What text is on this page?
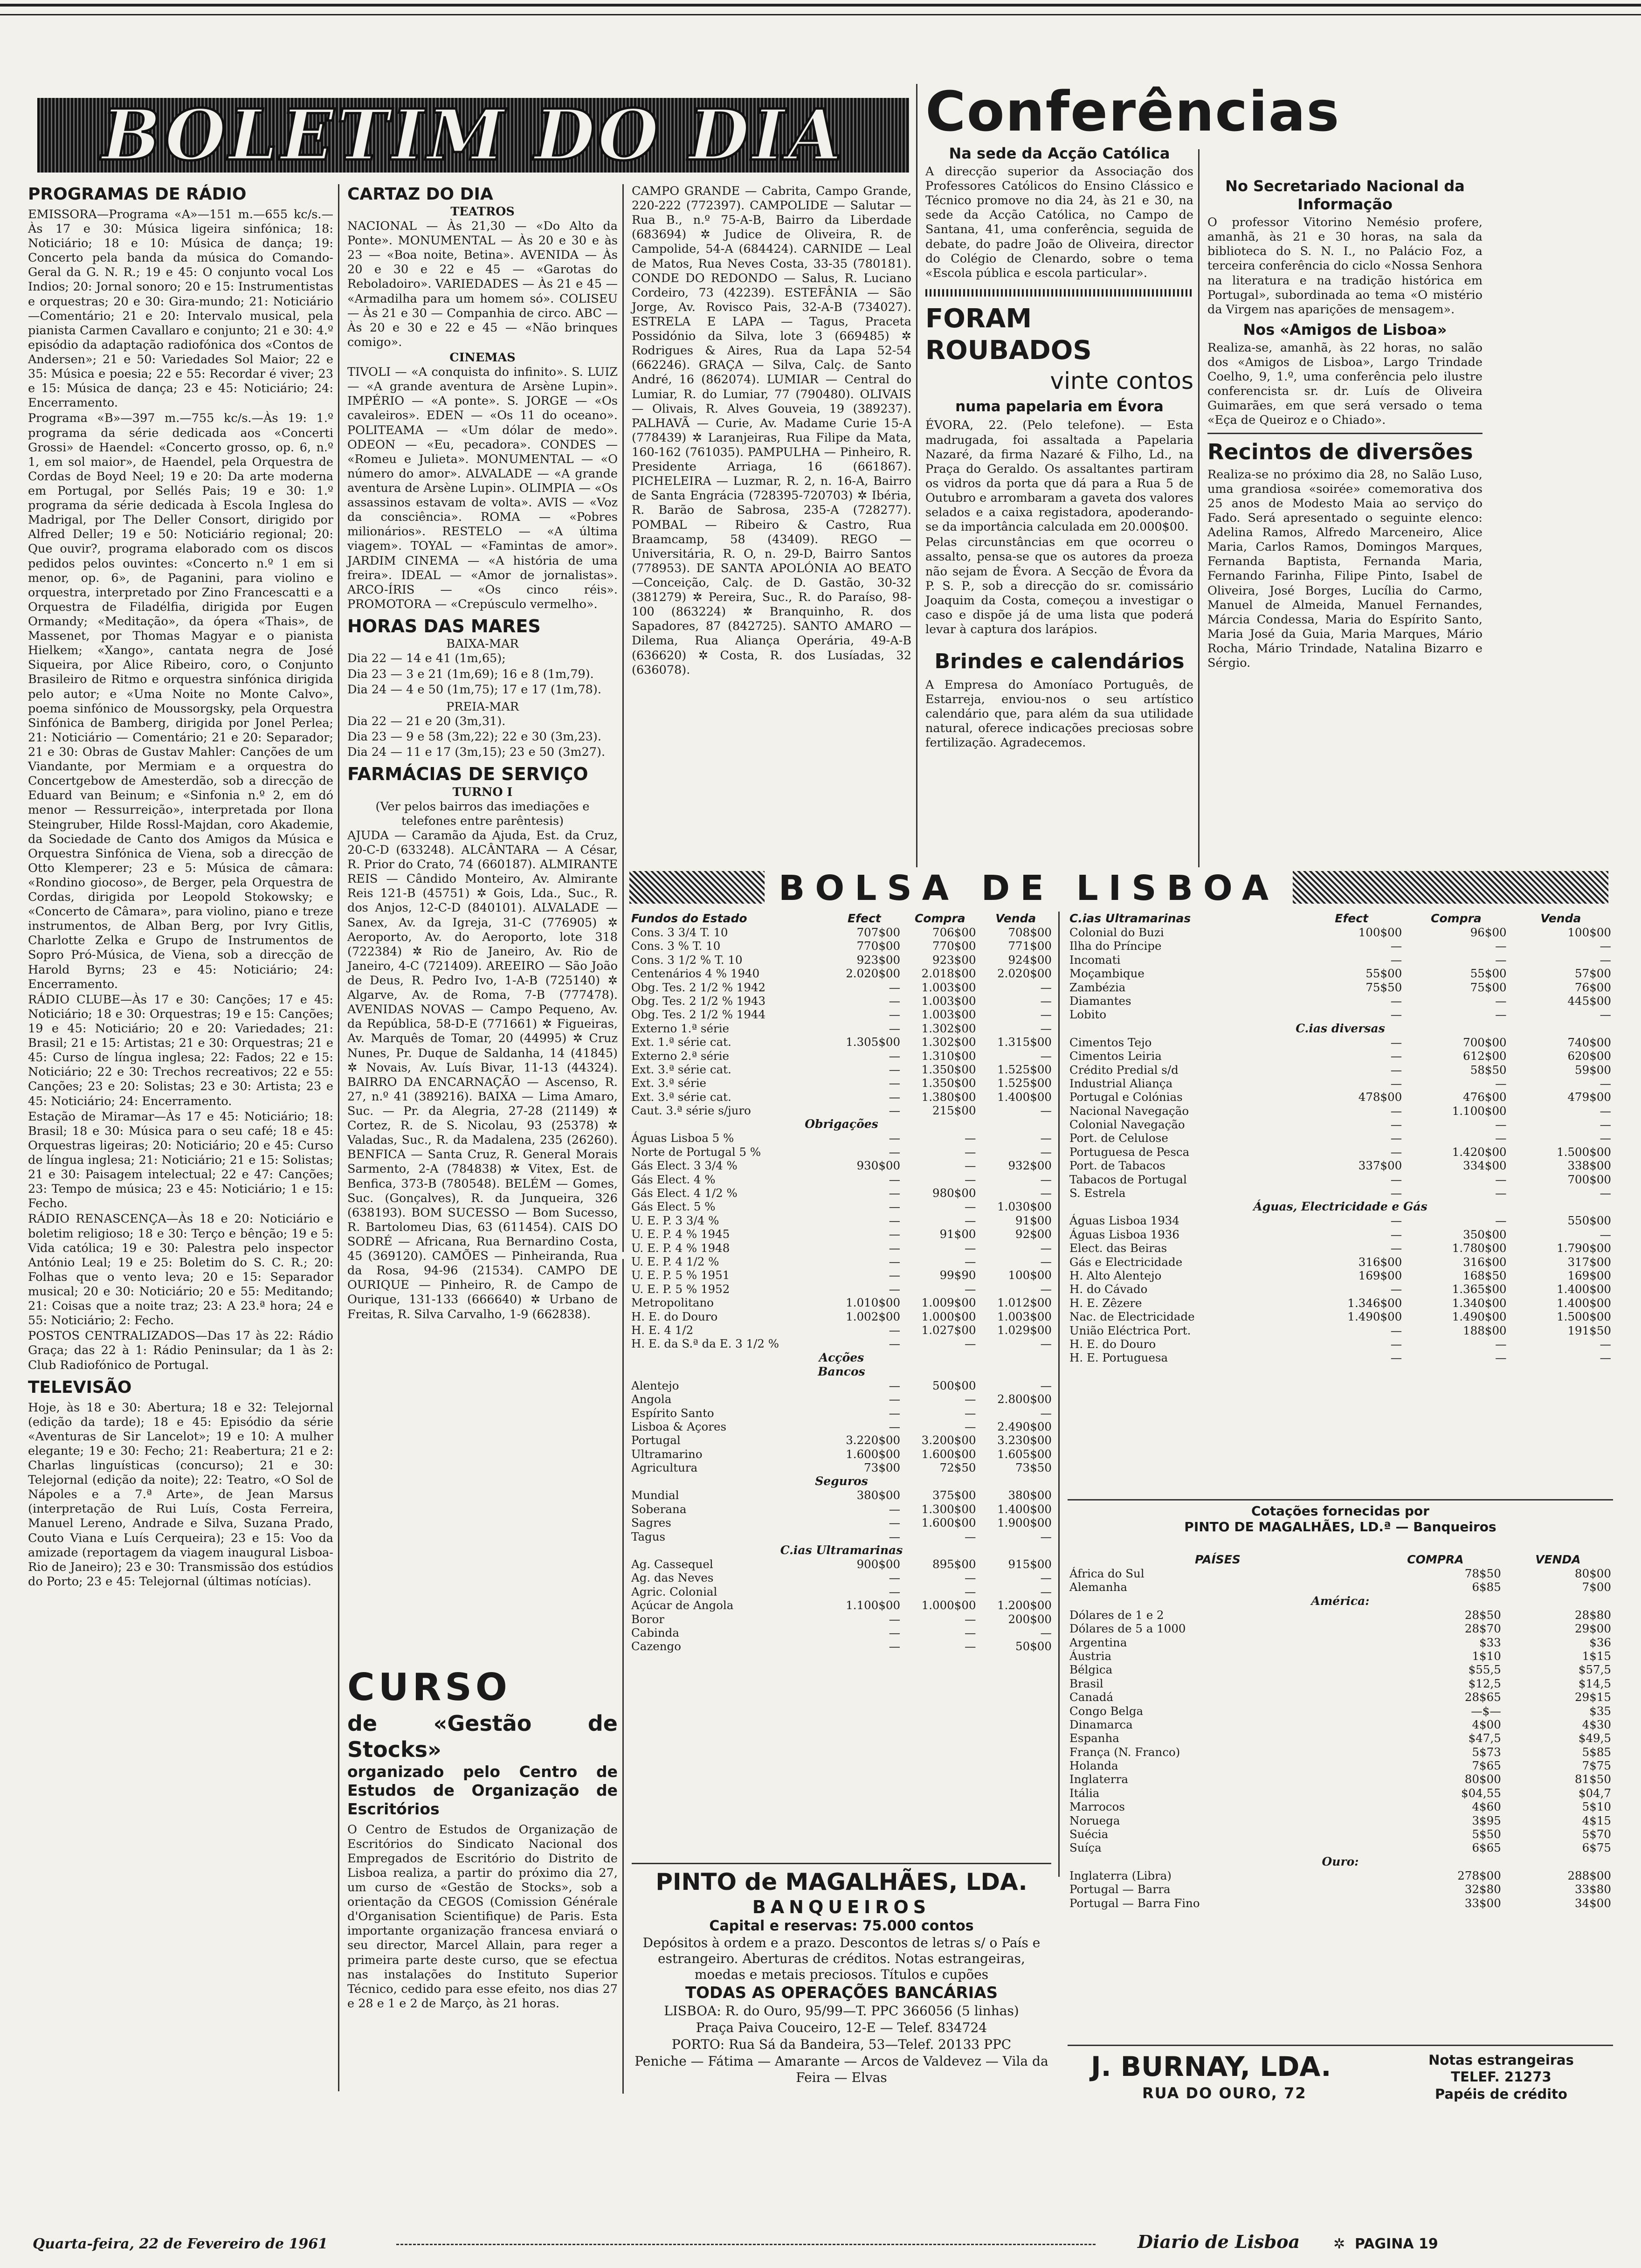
BOLETIM DO DIA
PROGRAMAS DE RÁDIO

EMISSORA—Programa «A»—151 m.—655 kc/s.—Às 17 e 30: Música ligeira sinfónica; 18: Noticiário; 18 e 10: Música de dança; 19: Concerto pela banda da música do Comando-Geral da G. N. R.; 19 e 45: O conjunto vocal Los Indios; 20: Jornal sonoro; 20 e 15: Instrumentistas e orquestras; 20 e 30: Gira-mundo; 21: Noticiário—Comentário; 21 e 20: Intervalo musical, pela pianista Carmen Cavallaro e conjunto; 21 e 30: 4.º episódio da adaptação radiofónica dos «Contos de Andersen»; 21 e 50: Variedades Sol Maior; 22 e 35: Música e poesia; 22 e 55: Recordar é viver; 23 e 15: Música de dança; 23 e 45: Noticiário; 24: Encerramento.

Programa «B»—397 m.—755 kc/s.—Às 19: 1.º programa da série dedicada aos «Concerti Grossi» de Haendel: «Concerto grosso, op. 6, n.º 1, em sol maior», de Haendel, pela Orquestra de Cordas de Boyd Neel; 19 e 20: Da arte moderna em Portugal, por Sellés Pais; 19 e 30: 1.º programa da série dedicada à Escola Inglesa do Madrigal, por The Deller Consort, dirigido por Alfred Deller; 19 e 50: Noticiário regional; 20: Que ouvir?, programa elaborado com os discos pedidos pelos ouvintes: «Concerto n.º 1 em si menor, op. 6», de Paganini, para violino e orquestra, interpretado por Zino Francescatti e a Orquestra de Filadélfia, dirigida por Eugen Ormandy; «Meditação», da ópera «Thais», de Massenet, por Thomas Magyar e o pianista Hielkem; «Xango», cantata negra de José Siqueira, por Alice Ribeiro, coro, o Conjunto Brasileiro de Ritmo e orquestra sinfónica dirigida pelo autor; e «Uma Noite no Monte Calvo», poema sinfónico de Moussorgsky, pela Orquestra Sinfónica de Bamberg, dirigida por Jonel Perlea; 21: Noticiário — Comentário; 21 e 20: Separador; 21 e 30: Obras de Gustav Mahler: Canções de um Viandante, por Mermiam e a orquestra do Concertgebow de Amesterdão, sob a direcção de Eduard van Beinum; e «Sinfonia n.º 2, em dó menor — Ressurreição», interpretada por Ilona Steingruber, Hilde Rossl-Majdan, coro Akademie, da Sociedade de Canto dos Amigos da Música e Orquestra Sinfónica de Viena, sob a direcção de Otto Klemperer; 23 e 5: Música de câmara: «Rondino giocoso», de Berger, pela Orquestra de Cordas, dirigida por Leopold Stokowsky; e «Concerto de Câmara», para violino, piano e treze instrumentos, de Alban Berg, por Ivry Gitlis, Charlotte Zelka e Grupo de Instrumentos de Sopro Pró-Música, de Viena, sob a direcção de Harold Byrns; 23 e 45: Noticiário; 24: Encerramento.

RÁDIO CLUBE—Às 17 e 30: Canções; 17 e 45: Noticiário; 18 e 30: Orquestras; 19 e 15: Canções; 19 e 45: Noticiário; 20 e 20: Variedades; 21: Brasil; 21 e 15: Artistas; 21 e 30: Orquestras; 21 e 45: Curso de língua inglesa; 22: Fados; 22 e 15: Noticiário; 22 e 30: Trechos recreativos; 22 e 55: Canções; 23 e 20: Solistas; 23 e 30: Artista; 23 e 45: Noticiário; 24: Encerramento.

Estação de Miramar—Às 17 e 45: Noticiário; 18: Brasil; 18 e 30: Música para o seu café; 18 e 45: Orquestras ligeiras; 20: Noticiário; 20 e 45: Curso de língua inglesa; 21: Noticiário; 21 e 15: Solistas; 21 e 30: Paisagem intelectual; 22 e 47: Canções; 23: Tempo de música; 23 e 45: Noticiário; 1 e 15: Fecho.

RÁDIO RENASCENÇA—Às 18 e 20: Noticiário e boletim religioso; 18 e 30: Terço e bênção; 19 e 5: Vida católica; 19 e 30: Palestra pelo inspector António Leal; 19 e 25: Boletim do S. C. R.; 20: Folhas que o vento leva; 20 e 15: Separador musical; 20 e 30: Noticiário; 20 e 55: Meditando; 21: Coisas que a noite traz; 23: A 23.ª hora; 24 e 55: Noticiário; 2: Fecho.

POSTOS CENTRALIZADOS—Das 17 às 22: Rádio Graça; das 22 à 1: Rádio Peninsular; da 1 às 2: Club Radiofónico de Portugal.

TELEVISÃO

Hoje, às 18 e 30: Abertura; 18 e 32: Telejornal (edição da tarde); 18 e 45: Episódio da série «Aventuras de Sir Lancelot»; 19 e 10: A mulher elegante; 19 e 30: Fecho; 21: Reabertura; 21 e 2: Charlas linguísticas (concurso); 21 e 30: Telejornal (edição da noite); 22: Teatro, «O Sol de Nápoles e a 7.ª Arte», de Jean Marsus (interpretação de Rui Luís, Costa Ferreira, Manuel Lereno, Andrade e Silva, Suzana Prado, Couto Viana e Luís Cerqueira); 23 e 15: Voo da amizade (reportagem da viagem inaugural Lisboa-Rio de Janeiro); 23 e 30: Transmissão dos estúdios do Porto; 23 e 45: Telejornal (últimas notícias).

CARTAZ DO DIA
TEATROS

NACIONAL — Às 21,30 — «Do Alto da Ponte». MONUMENTAL — Às 20 e 30 e às 23 — «Boa noite, Betina». AVENIDA — Às 20 e 30 e 22 e 45 — «Garotas do Reboladoiro». VARIEDADES — Às 21 e 45 — «Armadilha para um homem só». COLISEU — Às 21 e 30 — Companhia de circo. ABC — Às 20 e 30 e 22 e 45 — «Não brinques comigo».

CINEMAS

TIVOLI — «A conquista do infinito». S. LUIZ — «A grande aventura de Arsène Lupin». IMPÉRIO — «A ponte». S. JORGE — «Os cavaleiros». EDEN — «Os 11 do oceano». POLITEAMA — «Um dólar de medo». ODEON — «Eu, pecadora». CONDES — «Romeu e Julieta». MONUMENTAL — «O número do amor». ALVALADE — «A grande aventura de Arsène Lupin». OLIMPIA — «Os assassinos estavam de volta». AVIS — «Voz da consciência». ROMA — «Pobres milionários». RESTELO — «A última viagem». TOYAL — «Famintas de amor». JARDIM CINEMA — «A história de uma freira». IDEAL — «Amor de jornalistas». ARCO-ÍRIS — «Os cinco réis». PROMOTORA — «Crepúsculo vermelho».

HORAS DAS MARES
BAIXA-MAR

Dia 22 — 14 e 41 (1m,65);

Dia 23 — 3 e 21 (1m,69); 16 e 8 (1m,79).

Dia 24 — 4 e 50 (1m,75); 17 e 17 (1m,78).

PREIA-MAR

Dia 22 — 21 e 20 (3m,31).

Dia 23 — 9 e 58 (3m,22); 22 e 30 (3m,23).

Dia 24 — 11 e 17 (3m,15); 23 e 50 (3m27).

FARMÁCIAS DE SERVIÇO
TURNO I
(Ver pelos bairros das imediações e telefones entre parêntesis)

AJUDA — Caramão da Ajuda, Est. da Cruz, 20-C-D (633248). ALCÂNTARA — A César, R. Prior do Crato, 74 (660187). ALMIRANTE REIS — Cândido Monteiro, Av. Almirante Reis 121-B (45751) ✲ Gois, Lda., Suc., R. dos Anjos, 12-C-D (840101). ALVALADE — Sanex, Av. da Igreja, 31-C (776905) ✲ Aeroporto, Av. do Aeroporto, lote 318 (722384) ✲ Rio de Janeiro, Av. Rio de Janeiro, 4-C (721409). AREEIRO — São João de Deus, R. Pedro Ivo, 1-A-B (725140) ✲ Algarve, Av. de Roma, 7-B (777478). AVENIDAS NOVAS — Campo Pequeno, Av. da República, 58-D-E (771661) ✲ Figueiras, Av. Marquês de Tomar, 20 (44995) ✲ Cruz Nunes, Pr. Duque de Saldanha, 14 (41845) ✲ Novais, Av. Luís Bivar, 11-13 (44324). BAIRRO DA ENCARNAÇÃO — Ascenso, R. 27, n.º 41 (389216). BAIXA — Lima Amaro, Suc. — Pr. da Alegria, 27-28 (21149) ✲ Cortez, R. de S. Nicolau, 93 (25378) ✲ Valadas, Suc., R. da Madalena, 235 (26260). BENFICA — Santa Cruz, R. General Morais Sarmento, 2-A (784838) ✲ Vitex, Est. de Benfica, 373-B (780548). BELÉM — Gomes, Suc. (Gonçalves), R. da Junqueira, 326 (638193). BOM SUCESSO — Bom Sucesso, R. Bartolomeu Dias, 63 (611454). CAIS DO SODRÉ — Africana, Rua Bernardino Costa, 45 (369120). CAMÕES — Pinheiranda, Rua da Rosa, 94-96 (21534). CAMPO DE OURIQUE — Pinheiro, R. de Campo de Ourique, 131-133 (666640) ✲ Urbano de Freitas, R. Silva Carvalho, 1-9 (662838).

CAMPO GRANDE — Cabrita, Campo Grande, 220-222 (772397). CAMPOLIDE — Salutar — Rua B., n.º 75-A-B, Bairro da Liberdade (683694) ✲ Judice de Oliveira, R. de Campolide, 54-A (684424). CARNIDE — Leal de Matos, Rua Neves Costa, 33-35 (780181). CONDE DO REDONDO — Salus, R. Luciano Cordeiro, 73 (42239). ESTEFÂNIA — São Jorge, Av. Rovisco Pais, 32-A-B (734027). ESTRELA E LAPA — Tagus, Praceta Possidónio da Silva, lote 3 (669485) ✲ Rodrigues & Aires, Rua da Lapa 52-54 (662246). GRAÇA — Silva, Calç. de Santo André, 16 (862074). LUMIAR — Central do Lumiar, R. do Lumiar, 77 (790480). OLIVAIS — Olivais, R. Alves Gouveia, 19 (389237). PALHAVÃ — Curie, Av. Madame Curie 15-A (778439) ✲ Laranjeiras, Rua Filipe da Mata, 160-162 (761035). PAMPULHA — Pinheiro, R. Presidente Arriaga, 16 (661867). PICHELEIRA — Luzmar, R. 2, n. 16-A, Bairro de Santa Engrácia (728395-720703) ✲ Ibéria, R. Barão de Sabrosa, 235-A (728277). POMBAL — Ribeiro & Castro, Rua Braamcamp, 58 (43409). REGO — Universitária, R. O, n. 29-D, Bairro Santos (778953). DE SANTA APOLÓNIA AO BEATO —Conceição, Calç. de D. Gastão, 30-32 (381279) ✲ Pereira, Suc., R. do Paraíso, 98-100 (863224) ✲ Branquinho, R. dos Sapadores, 87 (842725). SANTO AMARO — Dilema, Rua Aliança Operária, 49-A-B (636620) ✲ Costa, R. dos Lusíadas, 32 (636078).

Conferências
Na sede da Acção Católica

A direcção superior da Associação dos Professores Católicos do Ensino Clássico e Técnico promove no dia 24, às 21 e 30, na sede da Acção Católica, no Campo de Santana, 41, uma conferência, seguida de debate, do padre João de Oliveira, director do Colégio de Clenardo, sobre o tema «Escola pública e escola particular».

No Secretariado Nacional da Informação

O professor Vitorino Nemésio profere, amanhã, às 21 e 30 horas, na sala da biblioteca do S. N. I., no Palácio Foz, a terceira conferência do ciclo «Nossa Senhora na literatura e na tradição histórica em Portugal», subordinada ao tema «O mistério da Virgem nas aparições de mensagem».

Nos «Amigos de Lisboa»

Realiza-se, amanhã, às 22 horas, no salão dos «Amigos de Lisboa», Largo Trindade Coelho, 9, 1.º, uma conferência pelo ilustre conferencista sr. dr. Luís de Oliveira Guimarães, em que será versado o tema «Eça de Queiroz e o Chiado».

Recintos de diversões

Realiza-se no próximo dia 28, no Salão Luso, uma grandiosa «soirée» comemorativa dos 25 anos de Modesto Maia ao serviço do Fado. Será apresentado o seguinte elenco: Adelina Ramos, Alfredo Marceneiro, Alice Maria, Carlos Ramos, Domingos Marques, Fernanda Baptista, Fernanda Maria, Fernando Farinha, Filipe Pinto, Isabel de Oliveira, José Borges, Lucília do Carmo, Manuel de Almeida, Manuel Fernandes, Márcia Condessa, Maria do Espírito Santo, Maria José da Guia, Maria Marques, Mário Rocha, Mário Trindade, Natalina Bizarro e Sérgio.

FORAM ROUBADOS
vinte contos
numa papelaria em Évora

ÉVORA, 22. (Pelo telefone). — Esta madrugada, foi assaltada a Papelaria Nazaré, da firma Nazaré & Filho, Ld., na Praça do Geraldo. Os assaltantes partiram os vidros da porta que dá para a Rua 5 de Outubro e arrombaram a gaveta dos valores selados e a caixa registadora, apoderando-se da importância calculada em 20.000$00.

Pelas circunstâncias em que ocorreu o assalto, pensa-se que os autores da proeza não sejam de Évora. A Secção de Évora da P. S. P., sob a direcção do sr. comissário Joaquim da Costa, começou a investigar o caso e dispõe já de uma lista que poderá levar à captura dos larápios.

Brindes e calendários

A Empresa do Amoníaco Português, de Estarreja, enviou-nos o seu artístico calendário que, para além da sua utilidade natural, oferece indicações preciosas sobre fertilização. Agradecemos.

BOLSA DE LISBOA
Fundos do Estado	Efect	Compra	Venda
Cons. 3 3/4 T. 10	707$00	706$00	708$00
Cons. 3 % T. 10	770$00	770$00	771$00
Cons. 3 1/2 % T. 10	923$00	923$00	924$00
Centenários 4 % 1940	2.020$00	2.018$00	2.020$00
Obg. Tes. 2 1/2 % 1942	—	1.003$00	—
Obg. Tes. 2 1/2 % 1943	—	1.003$00	—
Obg. Tes. 2 1/2 % 1944	—	1.003$00	—
Externo 1.ª série	—	1.302$00	—
Ext. 1.ª série cat.	1.305$00	1.302$00	1.315$00
Externo 2.ª série	—	1.310$00	—
Ext. 3.ª série cat.	—	1.350$00	1.525$00
Ext. 3.ª série	—	1.350$00	1.525$00
Ext. 3.ª série cat.	—	1.380$00	1.400$00
Caut. 3.ª série s/juro	—	215$00	—
Obrigações			
Águas Lisboa 5 %	—	—	—
Norte de Portugal 5 %	—	—	—
Gás Elect. 3 3/4 %	930$00	—	932$00
Gás Elect. 4 %	—	—	—
Gás Elect. 4 1/2 %	—	980$00	—
Gás Elect. 5 %	—	—	1.030$00
U. E. P. 3 3/4 %	—	—	91$00
U. E. P. 4 % 1945	—	91$00	92$00
U. E. P. 4 % 1948	—	—	—
U. E. P. 4 1/2 %	—	—	—
U. E. P. 5 % 1951	—	99$90	100$00
U. E. P. 5 % 1952	—	—	—
Metropolitano	1.010$00	1.009$00	1.012$00
H. E. do Douro	1.002$00	1.000$00	1.003$00
H. E. 4 1/2	—	1.027$00	1.029$00
H. E. da S.ª da E. 3 1/2 %	—	—	—
Acções			
Bancos			
Alentejo	—	500$00	—
Angola	—	—	2.800$00
Espírito Santo	—	—	—
Lisboa & Açores	—	—	2.490$00
Portugal	3.220$00	3.200$00	3.230$00
Ultramarino	1.600$00	1.600$00	1.605$00
Agricultura	73$00	72$50	73$50
Seguros			
Mundial	380$00	375$00	380$00
Soberana	—	1.300$00	1.400$00
Sagres	—	1.600$00	1.900$00
Tagus	—	—	—
C.ias Ultramarinas			
Ag. Cassequel	900$00	895$00	915$00
Ag. das Neves	—	—	—
Agric. Colonial	—	—	—
Açúcar de Angola	1.100$00	1.000$00	1.200$00
Boror	—	—	200$00
Cabinda	—	—	—
Cazengo	—	—	50$00
C.ias Ultramarinas	Efect	Compra	Venda
Colonial do Buzi	100$00	96$00	100$00
Ilha do Príncipe	—	—	—
Incomati	—	—	—
Moçambique	55$00	55$00	57$00
Zambézia	75$50	75$00	76$00
Diamantes	—	—	445$00
Lobito	—	—	—
C.ias diversas			
Cimentos Tejo	—	700$00	740$00
Cimentos Leiria	—	612$00	620$00
Crédito Predial s/d	—	58$50	59$00
Industrial Aliança	—	—	—
Portugal e Colónias	478$00	476$00	479$00
Nacional Navegação	—	1.100$00	—
Colonial Navegação	—	—	—
Port. de Celulose	—	—	—
Portuguesa de Pesca	—	1.420$00	1.500$00
Port. de Tabacos	337$00	334$00	338$00
Tabacos de Portugal	—	—	700$00
S. Estrela	—	—	—
Águas, Electricidade e Gás			
Águas Lisboa 1934	—	—	550$00
Águas Lisboa 1936	—	350$00	—
Elect. das Beiras	—	1.780$00	1.790$00
Gás e Electricidade	316$00	316$00	317$00
H. Alto Alentejo	169$00	168$50	169$00
H. do Cávado	—	1.365$00	1.400$00
H. E. Zêzere	1.346$00	1.340$00	1.400$00
Nac. de Electricidade	1.490$00	1.490$00	1.500$00
União Eléctrica Port.	—	188$00	191$50
H. E. do Douro	—	—	—
H. E. Portuguesa	—	—	—
Cotações fornecidas por
PINTO DE MAGALHÃES, LD.ª — Banqueiros
PAÍSES	COMPRA	VENDA
África do Sul	78$50	80$00
Alemanha	6$85	7$00
América:		
Dólares de 1 e 2	28$50	28$80
Dólares de 5 a 1000	28$70	29$00
Argentina	$33	$36
Áustria	1$10	1$15
Bélgica	$55,5	$57,5
Brasil	$12,5	$14,5
Canadá	28$65	29$15
Congo Belga	—$—	$35
Dinamarca	4$00	4$30
Espanha	$47,5	$49,5
França (N. Franco)	5$73	5$85
Holanda	7$65	7$75
Inglaterra	80$00	81$50
Itália	$04,55	$04,7
Marrocos	4$60	5$10
Noruega	3$95	4$15
Suécia	5$50	5$70
Suíça	6$65	6$75
Ouro:		
Inglaterra (Libra)	278$00	288$00
Portugal — Barra	32$80	33$80
Portugal — Barra Fino	33$00	34$00
CURSO
de «Gestão de Stocks»
organizado pelo Centro de Estudos de Organização de Escritórios

O Centro de Estudos de Organização de Escritórios do Sindicato Nacional dos Empregados de Escritório do Distrito de Lisboa realiza, a partir do próximo dia 27, um curso de «Gestão de Stocks», sob a orientação da CEGOS (Comission Générale d'Organisation Scientifique) de Paris. Esta importante organização francesa enviará o seu director, Marcel Allain, para reger a primeira parte deste curso, que se efectua nas instalações do Instituto Superior Técnico, cedido para esse efeito, nos dias 27 e 28 e 1 e 2 de Março, às 21 horas.

PINTO de MAGALHÃES, LDA.
BANQUEIROS
Capital e reservas: 75.000 contos

Depósitos à ordem e a prazo. Descontos de letras s/ o País e estrangeiro. Aberturas de créditos. Notas estrangeiras, moedas e metais preciosos. Títulos e cupões

TODAS AS OPERAÇÕES BANCÁRIAS

LISBOA: R. do Ouro, 95/99—T. PPC 366056 (5 linhas)

Praça Paiva Couceiro, 12-E — Telef. 834724

PORTO: Rua Sá da Bandeira, 53—Telef. 20133 PPC

Peniche — Fátima — Amarante — Arcos de Valdevez — Vila da Feira — Elvas	J. BURNAY, LDA.
RUA DO OURO, 72
Notas estrangeiras
TELEF. 21273
Papéis de crédito
Quarta-feira, 22 de Fevereiro de 1961	Diario de Lisboa ✲  PAGINA 19
